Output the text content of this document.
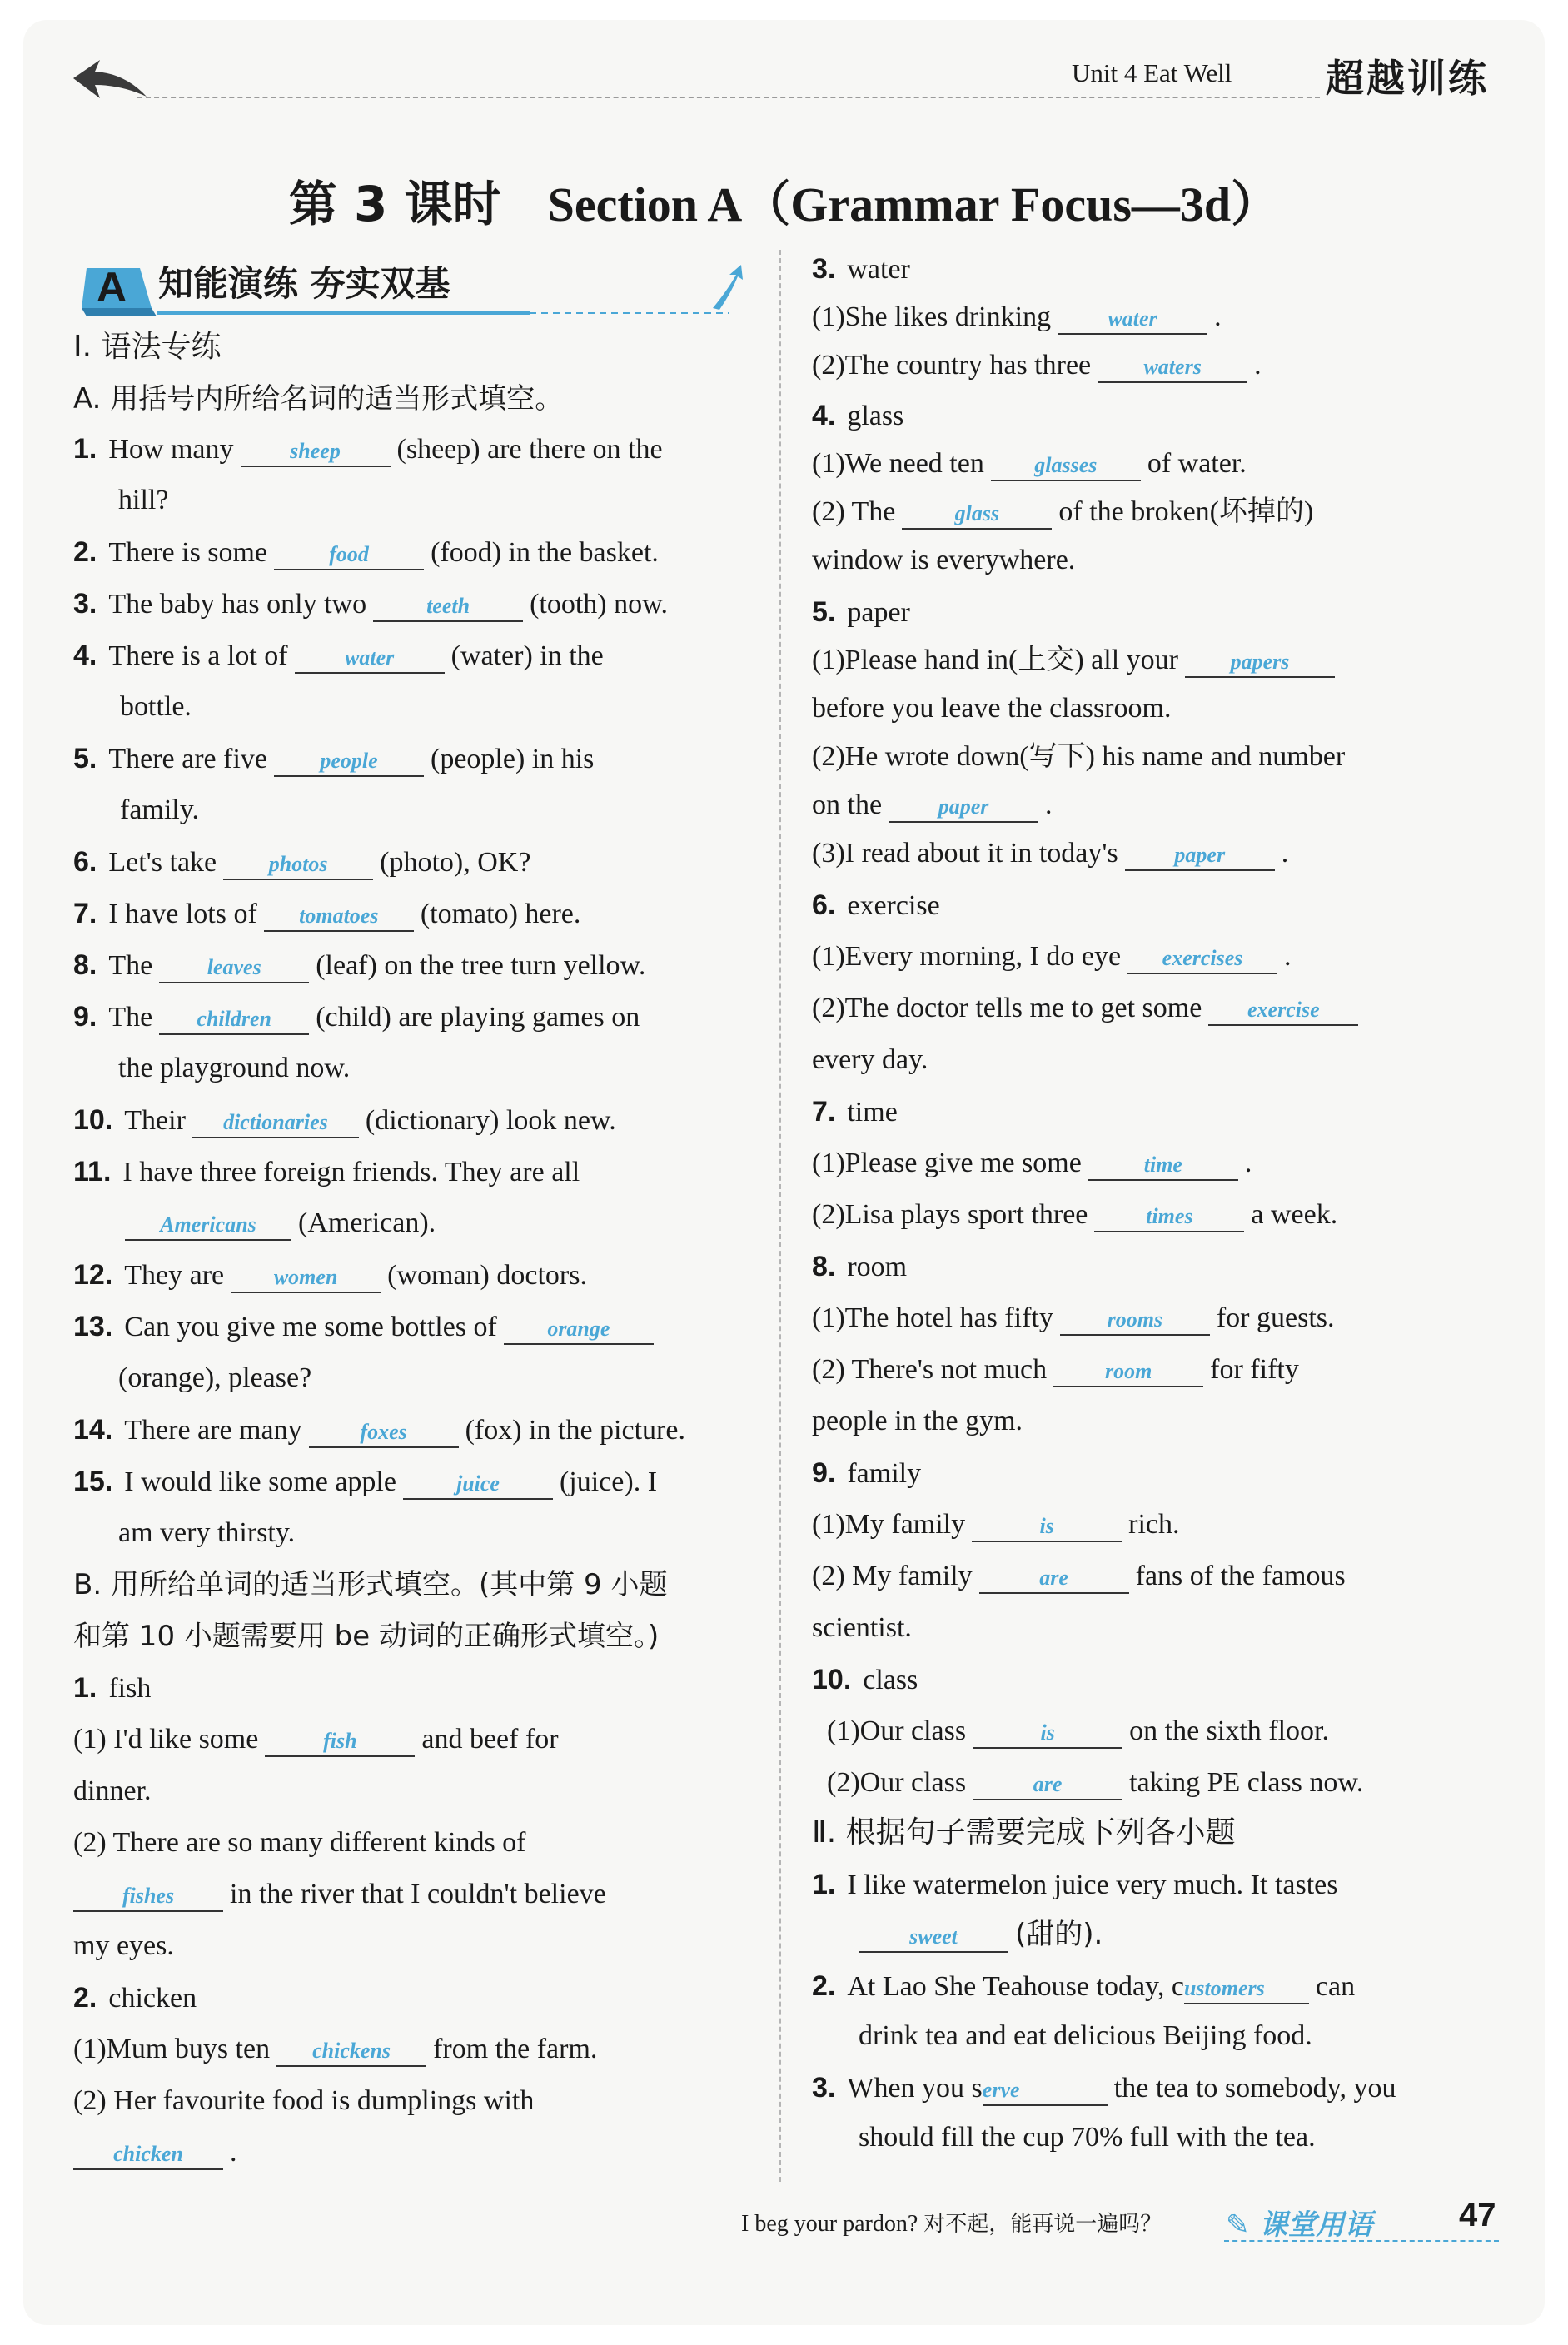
Unit 4 Eat Well 超越训练
第 3 课时 Section A（Grammar Focus—3d）
A 知能演练 夯实双基
Ⅰ. 语法专练
A. 用括号内所给名词的适当形式填空。
1. How many	sheep (sheep) are there on the
hill?
2. There is some	food (food) in the basket.
3. The baby has only two	teeth (tooth) now.
4. There is a lot of	water (water) in the
bottle.
5. There are five people (people) in his
family.
6. Let's take photos (photo), OK?
7. I have lots of tomatoes (tomato) here.
8. The	leaves (leaf) on the tree turn yellow.
9. The children (child) are playing games on
the playground now.
10. Their dictionaries (dictionary) look new.
11. I have three foreign friends. They are all
Americans (American).
12. They are women (woman) doctors.
13. Can you give me some bottles of orange
(orange), please?
14. There are many	foxes (fox) in the picture.
15. I would like some apple	juice (juice). I
am very thirsty.
B. 用所给单词的适当形式填空。(其中第 9 小题
和第 10 小题需要用 be 动词的正确形式填空。)
1. fish
(1) I'd like some	fish and beef for
dinner.
(2) There are so many different kinds of
fishes in the river that I couldn't believe
my eyes.
2. chicken
(1)Mum buys ten chickens from the farm.
(2) Her favourite food is dumplings with
chicken .
3. water
(1)She likes drinking	water .
(2)The country has three waters .
4. glass
(1)We need ten glasses of water.
(2) The	glass of the broken(坏掉的)
window is everywhere.
5. paper
(1)Please hand in(上交) all your papers
before you leave the classroom.
(2)He wrote down(写下) his name and number
on the	paper .
(3)I read about it in today's	paper .
6. exercise
(1)Every morning, I do eye exercises .
(2)The doctor tells me to get some exercise
every day.
7. time
(1)Please give me some	time .
(2)Lisa plays sport three	times a week.
8. room
(1)The hotel has fifty rooms for guests.
(2) There's not much	room for fifty
people in the gym.
9. family
(1)My family	is	rich.
(2) My family	are fans of the famous
scientist.
10. class
(1)Our class	is	on the sixth floor.
(2)Our class	are taking PE class now.
Ⅱ. 根据句子需要完成下列各小题
1. I like watermelon juice very much. It tastes
sweet (甜的).
2. At Lao She Teahouse today, customers can
drink tea and eat delicious Beijing food.
3. When you serve	the tea to somebody, you
should fill the cup 70% full with the tea.
I beg your pardon? 对不起，能再说一遍吗？ ✎ 课堂用语	47
